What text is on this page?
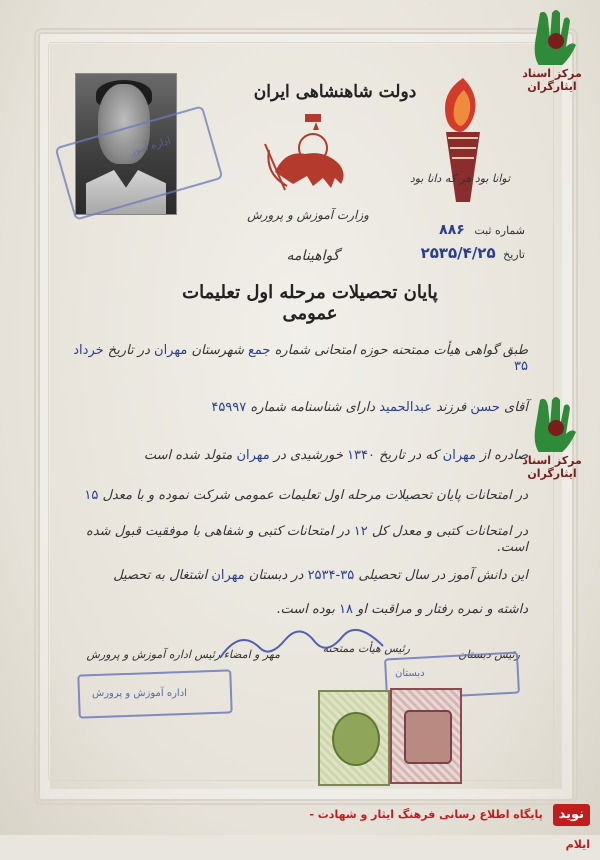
اداره آموز
دولت شاهنشاهی ایران
وزارت آموزش و پرورش
گواهینامه
پایان تحصیلات مرحله اول تعلیمات عمومی
توانا بود هر که دانا بود
شماره ثبت ۸۸۶
تاریخ ۲۵۳۵/۴/۲۵
طبق گواهی هیأت ممتحنه حوزه امتحانی شماره جمع شهرستان مهران در تاریخ خرداد ۳۵
آقای حسن فرزند عبدالحمید دارای شناسنامه شماره ۴۵۹۹۷
صادره از مهران که در تاریخ ۱۳۴۰ خورشیدی در مهران متولد شده است
در امتحانات پایان تحصیلات مرحله اول تعلیمات عمومی شرکت نموده و با معدل ۱۵
در امتحانات کتبی و معدل کل ۱۲ در امتحانات کتبی و شفاهی با موفقیت قبول شده است.
این دانش آموز در سال تحصیلی ۳۵-۲۵۳۴ در دبستان مهران اشتغال به تحصیل
داشته و نمره رفتار و مراقبت او ۱۸ بوده است.
مهر و امضاء رئیس اداره آموزش و پرورش	رئیس هیأت ممتحنه	رئیس دبستان
دبستان
اداره آموزش و پرورش
مرکز اسناد ایثارگران
مرکز اسناد ایثارگران
نوید پایگاه اطلاع رسانی فرهنگ ایثار و شهادت - ایلام
